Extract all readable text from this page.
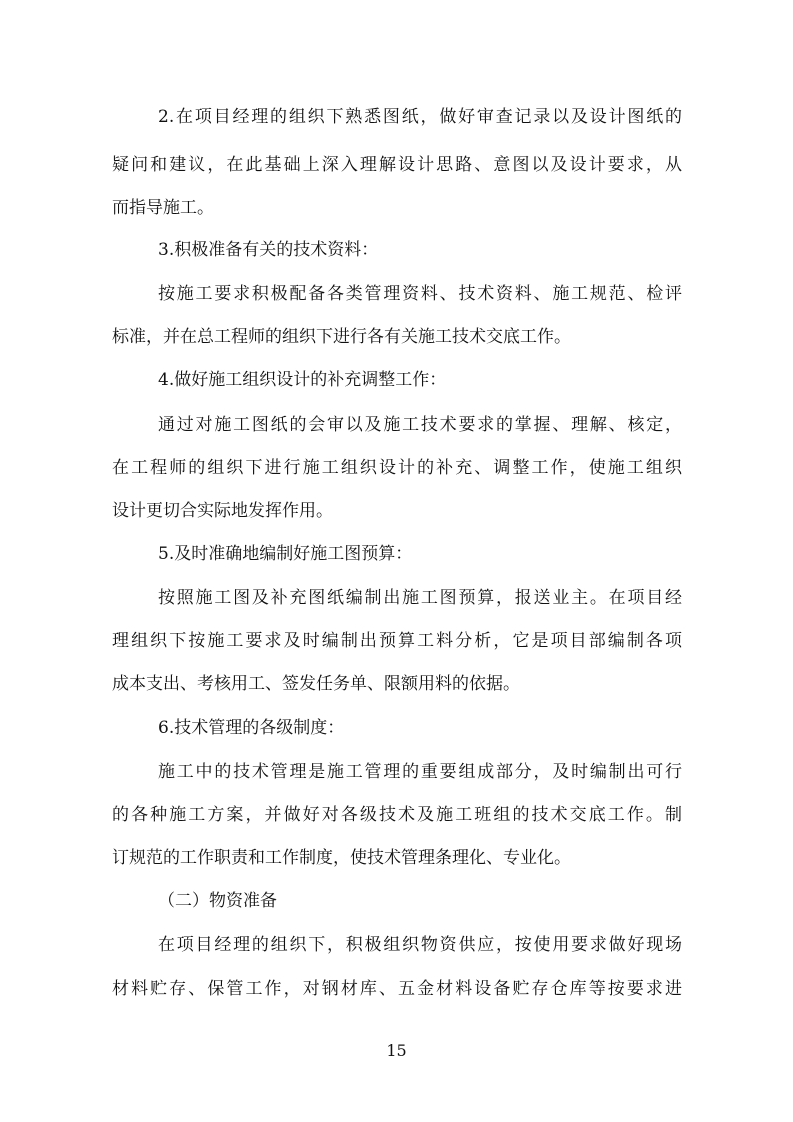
2.在项目经理的组织下熟悉图纸，做好审查记录以及设计图纸的
疑问和建议，在此基础上深入理解设计思路、意图以及设计要求，从
而指导施工。
3.积极准备有关的技术资料：
按施工要求积极配备各类管理资料、技术资料、施工规范、检评
标准，并在总工程师的组织下进行各有关施工技术交底工作。
4.做好施工组织设计的补充调整工作：
通过对施工图纸的会审以及施工技术要求的掌握、理解、核定，
在工程师的组织下进行施工组织设计的补充、调整工作，使施工组织
设计更切合实际地发挥作用。
5.及时准确地编制好施工图预算：
按照施工图及补充图纸编制出施工图预算，报送业主。在项目经
理组织下按施工要求及时编制出预算工料分析，它是项目部编制各项
成本支出、考核用工、签发任务单、限额用料的依据。
6.技术管理的各级制度：
施工中的技术管理是施工管理的重要组成部分，及时编制出可行
的各种施工方案，并做好对各级技术及施工班组的技术交底工作。制
订规范的工作职责和工作制度，使技术管理条理化、专业化。
（二）物资准备
在项目经理的组织下，积极组织物资供应，按使用要求做好现场
材料贮存、保管工作，对钢材库、五金材料设备贮存仓库等按要求进
15
